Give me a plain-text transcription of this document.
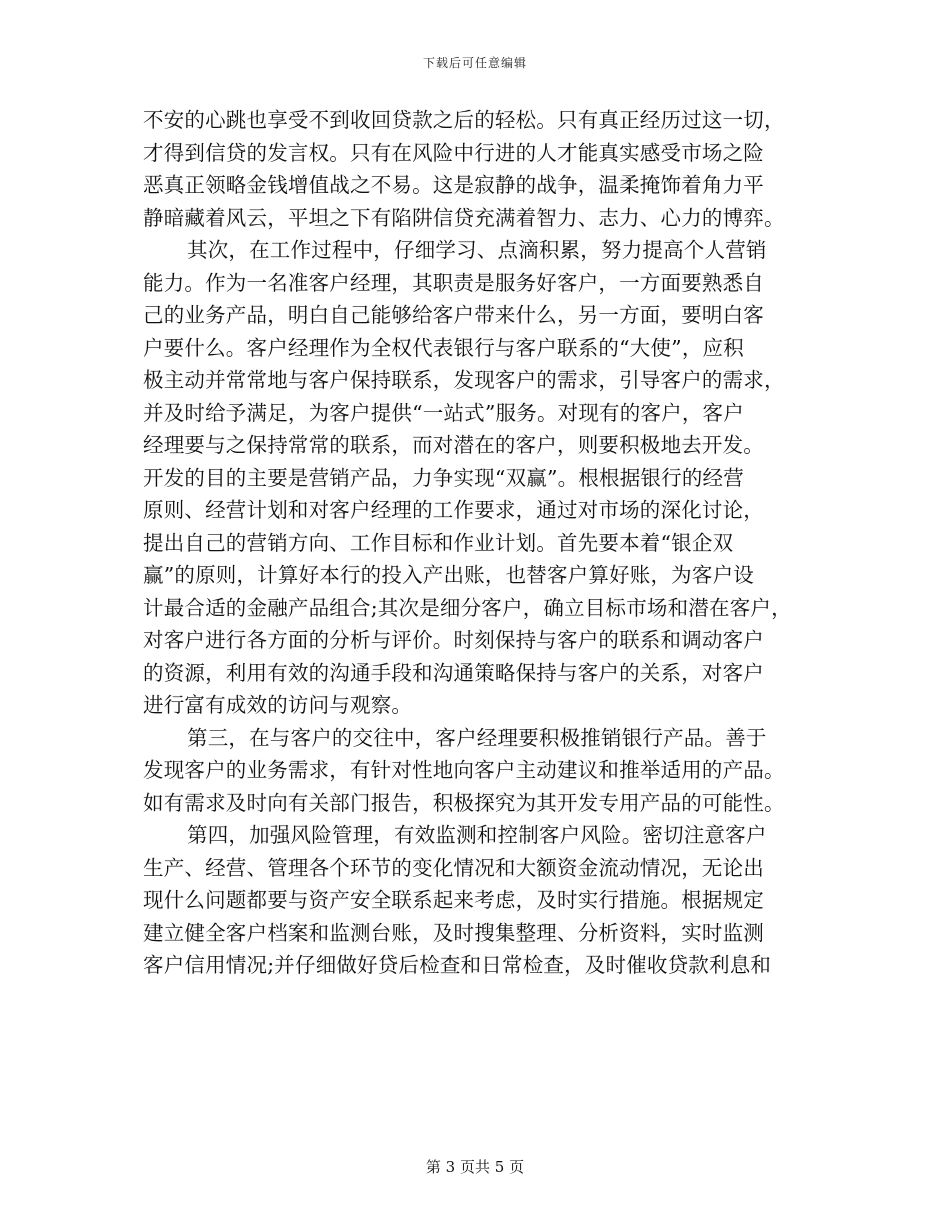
下载后可任意编辑
不安的心跳也享受不到收回贷款之后的轻松。只有真正经历过这一切，
才得到信贷的发言权。只有在风险中行进的人才能真实感受市场之险
恶真正领略金钱增值战之不易。这是寂静的战争，温柔掩饰着角力平
静暗藏着风云，平坦之下有陷阱信贷充满着智力、志力、心力的博弈。
其次，在工作过程中，仔细学习、点滴积累，努力提高个人营销
能力。作为一名准客户经理，其职责是服务好客户，一方面要熟悉自
己的业务产品，明白自己能够给客户带来什么，另一方面，要明白客
户要什么。客户经理作为全权代表银行与客户联系的“大使”，应积
极主动并常常地与客户保持联系，发现客户的需求，引导客户的需求，
并及时给予满足，为客户提供“一站式”服务。对现有的客户，客户
经理要与之保持常常的联系，而对潜在的客户，则要积极地去开发。
开发的目的主要是营销产品，力争实现“双赢”。根根据银行的经营
原则、经营计划和对客户经理的工作要求，通过对市场的深化讨论，
提出自己的营销方向、工作目标和作业计划。首先要本着“银企双
赢”的原则，计算好本行的投入产出账，也替客户算好账，为客户设
计最合适的金融产品组合;其次是细分客户，确立目标市场和潜在客户，
对客户进行各方面的分析与评价。时刻保持与客户的联系和调动客户
的资源，利用有效的沟通手段和沟通策略保持与客户的关系，对客户
进行富有成效的访问与观察。
第三，在与客户的交往中，客户经理要积极推销银行产品。善于
发现客户的业务需求，有针对性地向客户主动建议和推举适用的产品。
如有需求及时向有关部门报告，积极探究为其开发专用产品的可能性。
第四，加强风险管理，有效监测和控制客户风险。密切注意客户
生产、经营、管理各个环节的变化情况和大额资金流动情况，无论出
现什么问题都要与资产安全联系起来考虑，及时实行措施。根据规定
建立健全客户档案和监测台账，及时搜集整理、分析资料，实时监测
客户信用情况;并仔细做好贷后检查和日常检查，及时催收贷款利息和
第 3 页共 5 页
